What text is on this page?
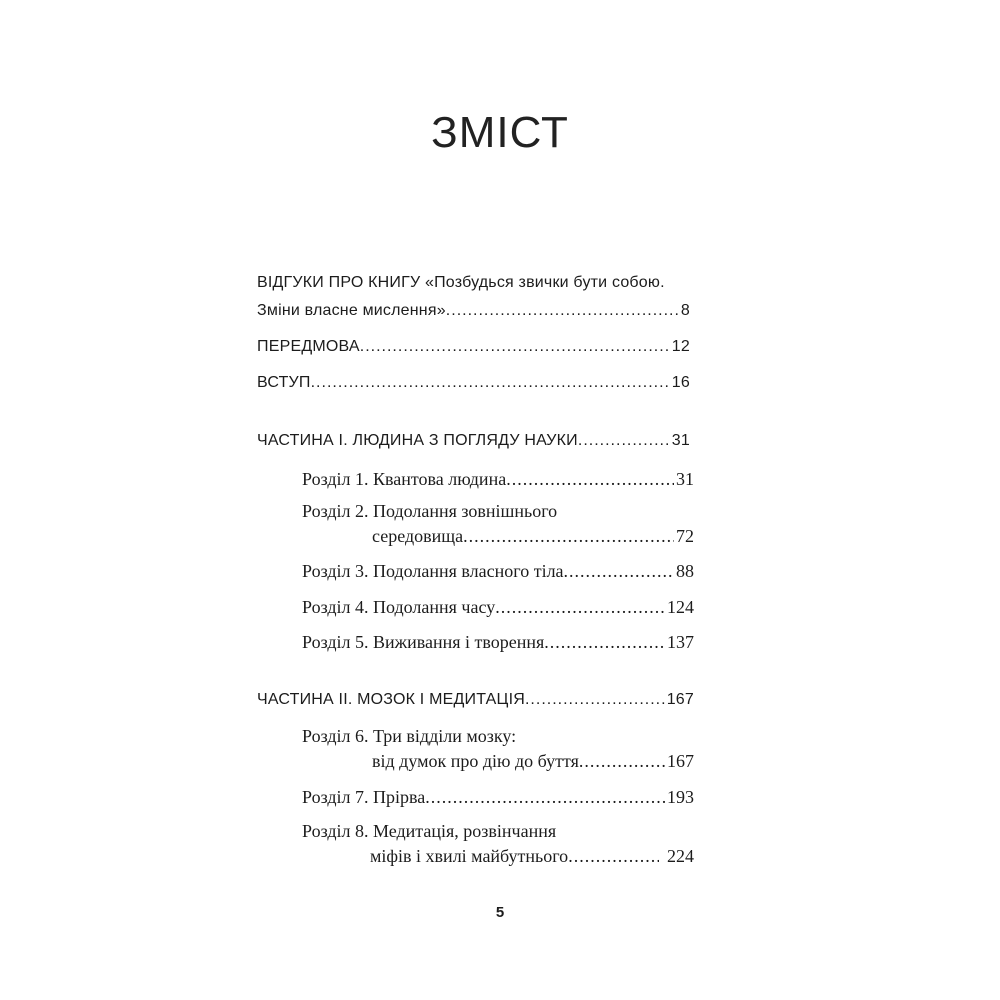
ЗМІСТ
ВІДГУКИ ПРО КНИГУ «Позбудься звички бути собою.
Зміни власне мислення» .....	8
ПЕРЕДМОВА .....	12
ВСТУП .....	16
ЧАСТИНА І. ЛЮДИНА З ПОГЛЯДУ НАУКИ .....	31
Розділ 1. Квантова людина .....	31
Розділ 2. Подолання зовнішнього
середовища .....	72
Розділ 3. Подолання власного тіла .....	88
Розділ 4. Подолання часу .....	124
Розділ 5. Виживання і творення .....	137
ЧАСТИНА ІІ. МОЗОК І МЕДИТАЦІЯ .....	167
Розділ 6. Три відділи мозку:
від думок про дію до буття .....	167
Розділ 7. Прірва .....	193
Розділ 8. Медитація, розвінчання
міфів і хвилі майбутнього .....	224
5
